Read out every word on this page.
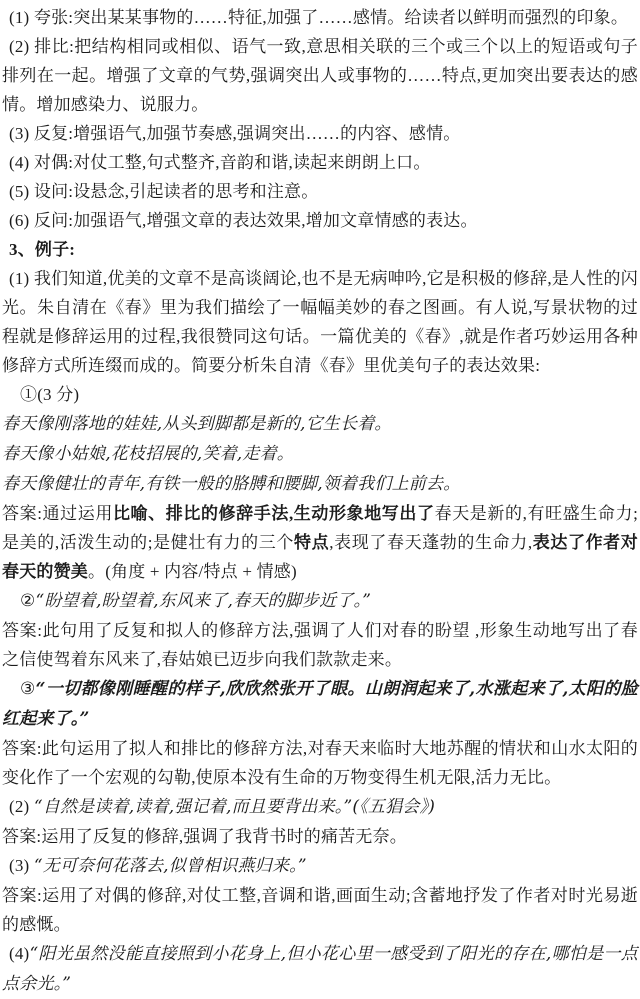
(1) 夸张:突出某某事物的……特征,加强了……感情。给读者以鲜明而强烈的印象。

(2) 排比:把结构相同或相似、语气一致,意思相关联的三个或三个以上的短语或句子排列在一起。增强了文章的气势,强调突出人或事物的……特点,更加突出要表达的感情。增加感染力、说服力。

(3) 反复:增强语气,加强节奏感,强调突出……的内容、感情。

(4) 对偶:对仗工整,句式整齐,音韵和谐,读起来朗朗上口。

(5) 设问:设悬念,引起读者的思考和注意。

(6) 反问:加强语气,增强文章的表达效果,增加文章情感的表达。

3、例子:

(1) 我们知道,优美的文章不是高谈阔论,也不是无病呻吟,它是积极的修辞,是人性的闪光。朱自清在《春》里为我们描绘了一幅幅美妙的春之图画。有人说,写景状物的过程就是修辞运用的过程,我很赞同这句话。一篇优美的《春》,就是作者巧妙运用各种修辞方式所连缀而成的。简要分析朱自清《春》里优美句子的表达效果:

①(3 分)

春天像刚落地的娃娃,从头到脚都是新的,它生长着。

春天像小姑娘,花枝招展的,笑着,走着。

春天像健壮的青年,有铁一般的胳膊和腰脚,领着我们上前去。

答案:通过运用比喻、排比的修辞手法,生动形象地写出了春天是新的,有旺盛生命力;是美的,活泼生动的;是健壮有力的三个特点,表现了春天蓬勃的生命力,表达了作者对春天的赞美。(角度 + 内容/特点 + 情感)

②“盼望着,盼望着,东风来了,春天的脚步近了。”

答案:此句用了反复和拟人的修辞方法,强调了人们对春的盼望 ,形象生动地写出了春之信使驾着东风来了,春姑娘已迈步向我们款款走来。

③“一切都像刚睡醒的样子,欣欣然张开了眼。山朗润起来了,水涨起来了,太阳的脸红起来了。”

答案:此句运用了拟人和排比的修辞方法,对春天来临时大地苏醒的情状和山水太阳的变化作了一个宏观的勾勒,使原本没有生命的万物变得生机无限,活力无比。

(2) “自然是读着,读着,强记着,而且要背出来。”(《五猖会》)

答案:运用了反复的修辞,强调了我背书时的痛苦无奈。

(3) “无可奈何花落去,似曾相识燕归来。”

答案:运用了对偶的修辞,对仗工整,音调和谐,画面生动;含蓄地抒发了作者对时光易逝的感慨。

(4)“阳光虽然没能直接照到小花身上,但小花心里一感受到了阳光的存在,哪怕是一点点余光。”
